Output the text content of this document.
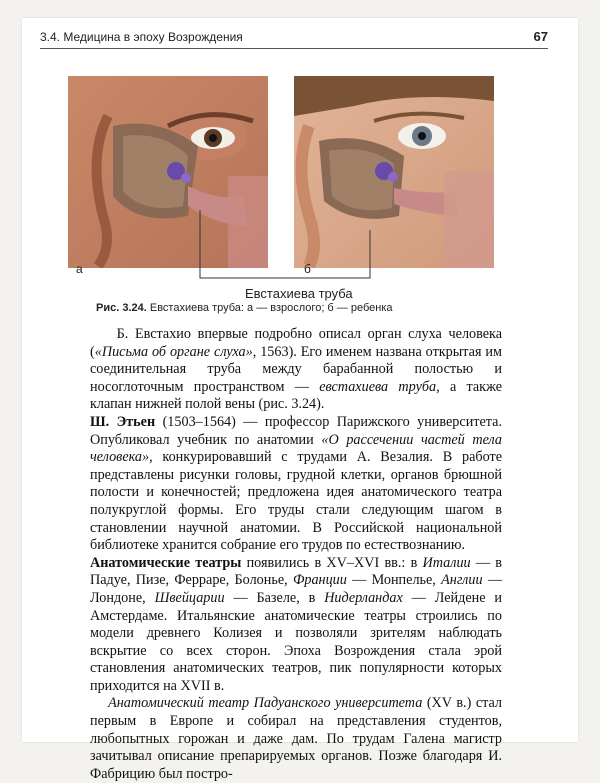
3.4. Медицина в эпоху Возрождения	67
а	б
Евстахиева труба
Рис. 3.24. Евстахиева труба: а — взрослого; б — ребенка

Б. Евстахио впервые подробно описал орган слуха человека («Письма об органе слуха», 1563). Его именем названа открытая им соединительная труба между барабанной полостью и носоглоточным пространством — евстахиева труба, а также клапан нижней полой вены (рис. 3.24).

Ш. Этьен (1503–1564) — профессор Парижского университета. Опубликовал учебник по анатомии «О рассечении частей тела человека», конкурировавший с трудами А. Везалия. В работе представлены рисунки головы, грудной клетки, органов брюшной полости и конечностей; предложена идея анатомического театра полукруглой формы. Его труды стали следующим шагом в становлении научной анатомии. В Российской национальной библиотеке хранится собрание его трудов по естествознанию.

Анатомические театры появились в XV–XVI вв.: в Италии — в Падуе, Пизе, Ферраре, Болонье, Франции — Монпелье, Англии — Лондоне, Швейцарии — Базеле, в Нидерландах — Лейдене и Амстердаме. Итальянские анатомические театры строились по модели древнего Колизея и позволяли зрителям наблюдать вскрытие со всех сторон. Эпоха Возрождения стала эрой становления анатомических театров, пик популярности которых приходится на XVII в.

Анатомический театр Падуанского университета (XV в.) стал первым в Европе и собирал на представления студентов, любопытных горожан и даже дам. По трудам Галена магистр зачитывал описание препарируемых органов. Позже благодаря И. Фабрицию был постро-
